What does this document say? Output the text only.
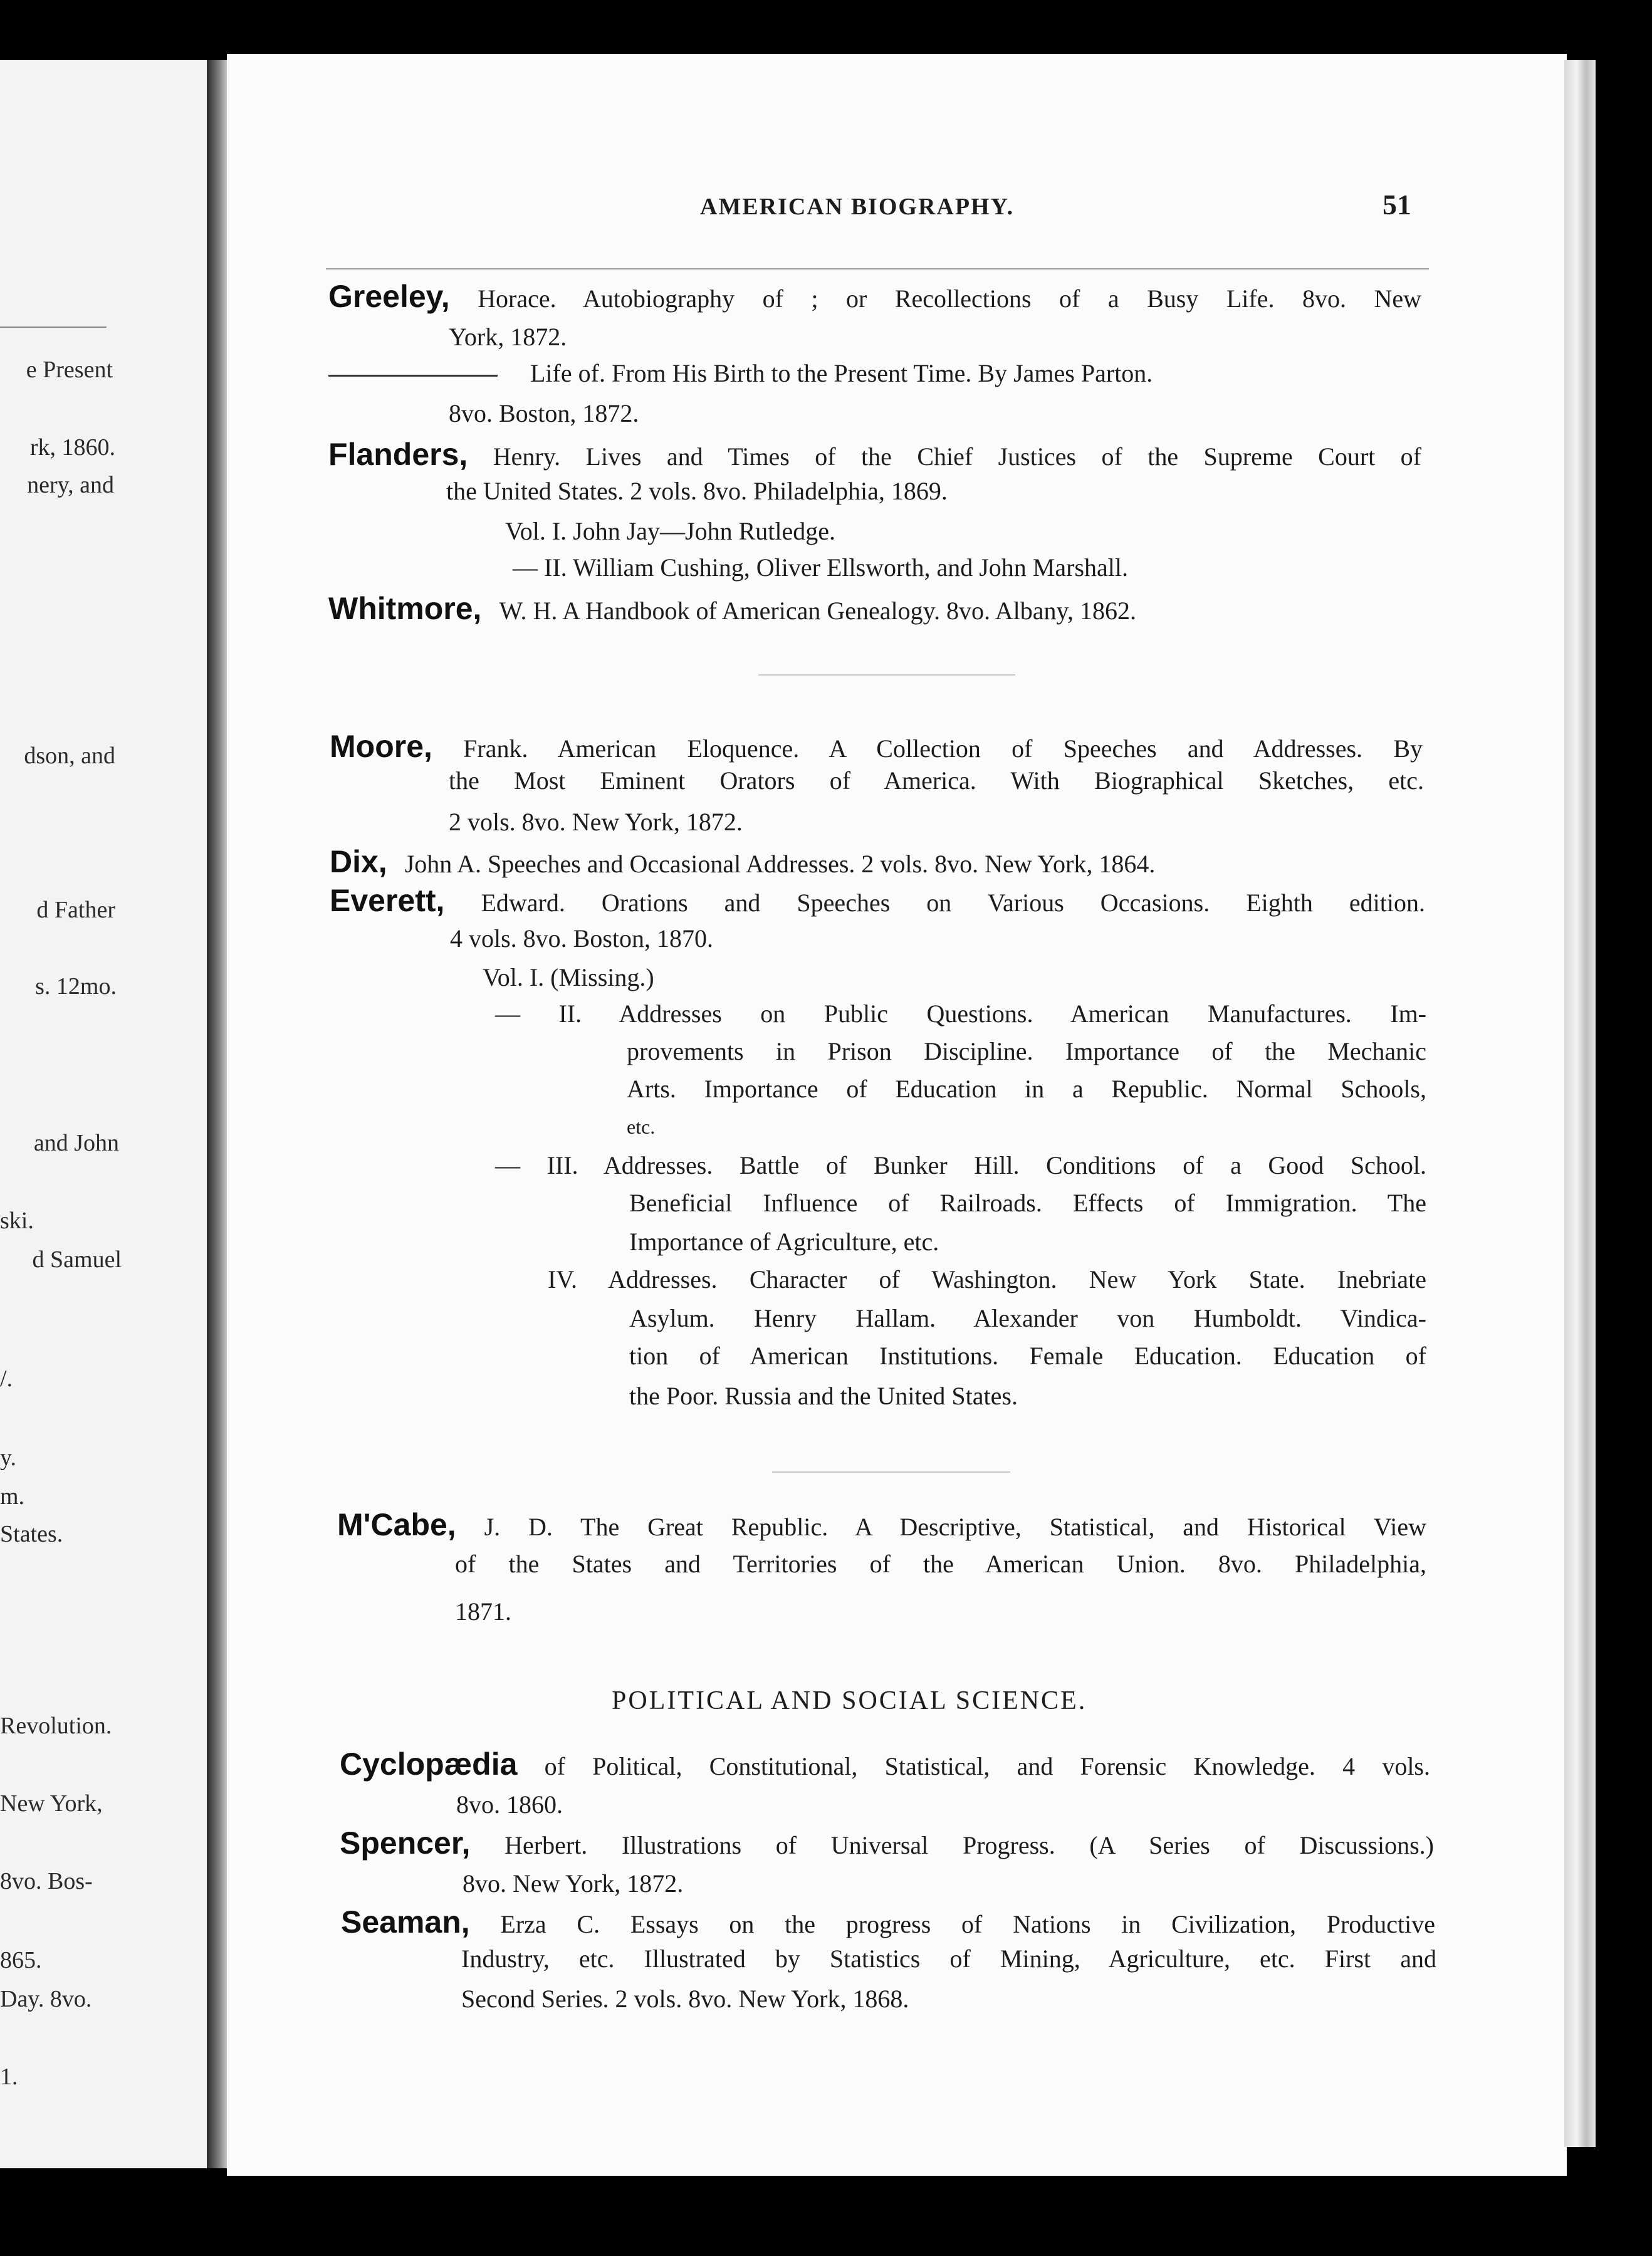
e Present
rk, 1860.
nery, and
dson, and
d Father
s. 12mo.
and John
ski.
d Samuel
/.
y.
m.
States.
Revolution.
New York,
8vo. Bos-
865.
Day. 8vo.
1.
AMERICAN BIOGRAPHY.	51
Greeley, Horace. Autobiography of ; or Recollections of a Busy Life. 8vo. New
York, 1872.
Life of. From His Birth to the Present Time. By James Parton.
8vo. Boston, 1872.
Flanders, Henry. Lives and Times of the Chief Justices of the Supreme Court of
the United States. 2 vols. 8vo. Philadelphia, 1869.
Vol. I. John Jay—John Rutledge.
— II. William Cushing, Oliver Ellsworth, and John Marshall.
Whitmore, W. H. A Handbook of American Genealogy. 8vo. Albany, 1862.
Moore, Frank. American Eloquence. A Collection of Speeches and Addresses. By
the Most Eminent Orators of America. With Biographical Sketches, etc.
2 vols. 8vo. New York, 1872.
Dix, John A. Speeches and Occasional Addresses. 2 vols. 8vo. New York, 1864.
Everett, Edward. Orations and Speeches on Various Occasions. Eighth edition.
4 vols. 8vo. Boston, 1870.
Vol. I. (Missing.)
— II. Addresses on Public Questions. American Manufactures. Im-
provements in Prison Discipline. Importance of the Mechanic
Arts. Importance of Education in a Republic. Normal Schools,
etc.
— III. Addresses. Battle of Bunker Hill. Conditions of a Good School.
Beneficial Influence of Railroads. Effects of Immigration. The
Importance of Agriculture, etc.
IV. Addresses. Character of Washington. New York State. Inebriate
Asylum. Henry Hallam. Alexander von Humboldt. Vindica-
tion of American Institutions. Female Education. Education of
the Poor. Russia and the United States.
M'Cabe, J. D. The Great Republic. A Descriptive, Statistical, and Historical View
of the States and Territories of the American Union. 8vo. Philadelphia,
1871.
POLITICAL AND SOCIAL SCIENCE.
Cyclopædia of Political, Constitutional, Statistical, and Forensic Knowledge. 4 vols.
8vo. 1860.
Spencer, Herbert. Illustrations of Universal Progress. (A Series of Discussions.)
8vo. New York, 1872.
Seaman, Erza C. Essays on the progress of Nations in Civilization, Productive
Industry, etc. Illustrated by Statistics of Mining, Agriculture, etc. First and
Second Series. 2 vols. 8vo. New York, 1868.
